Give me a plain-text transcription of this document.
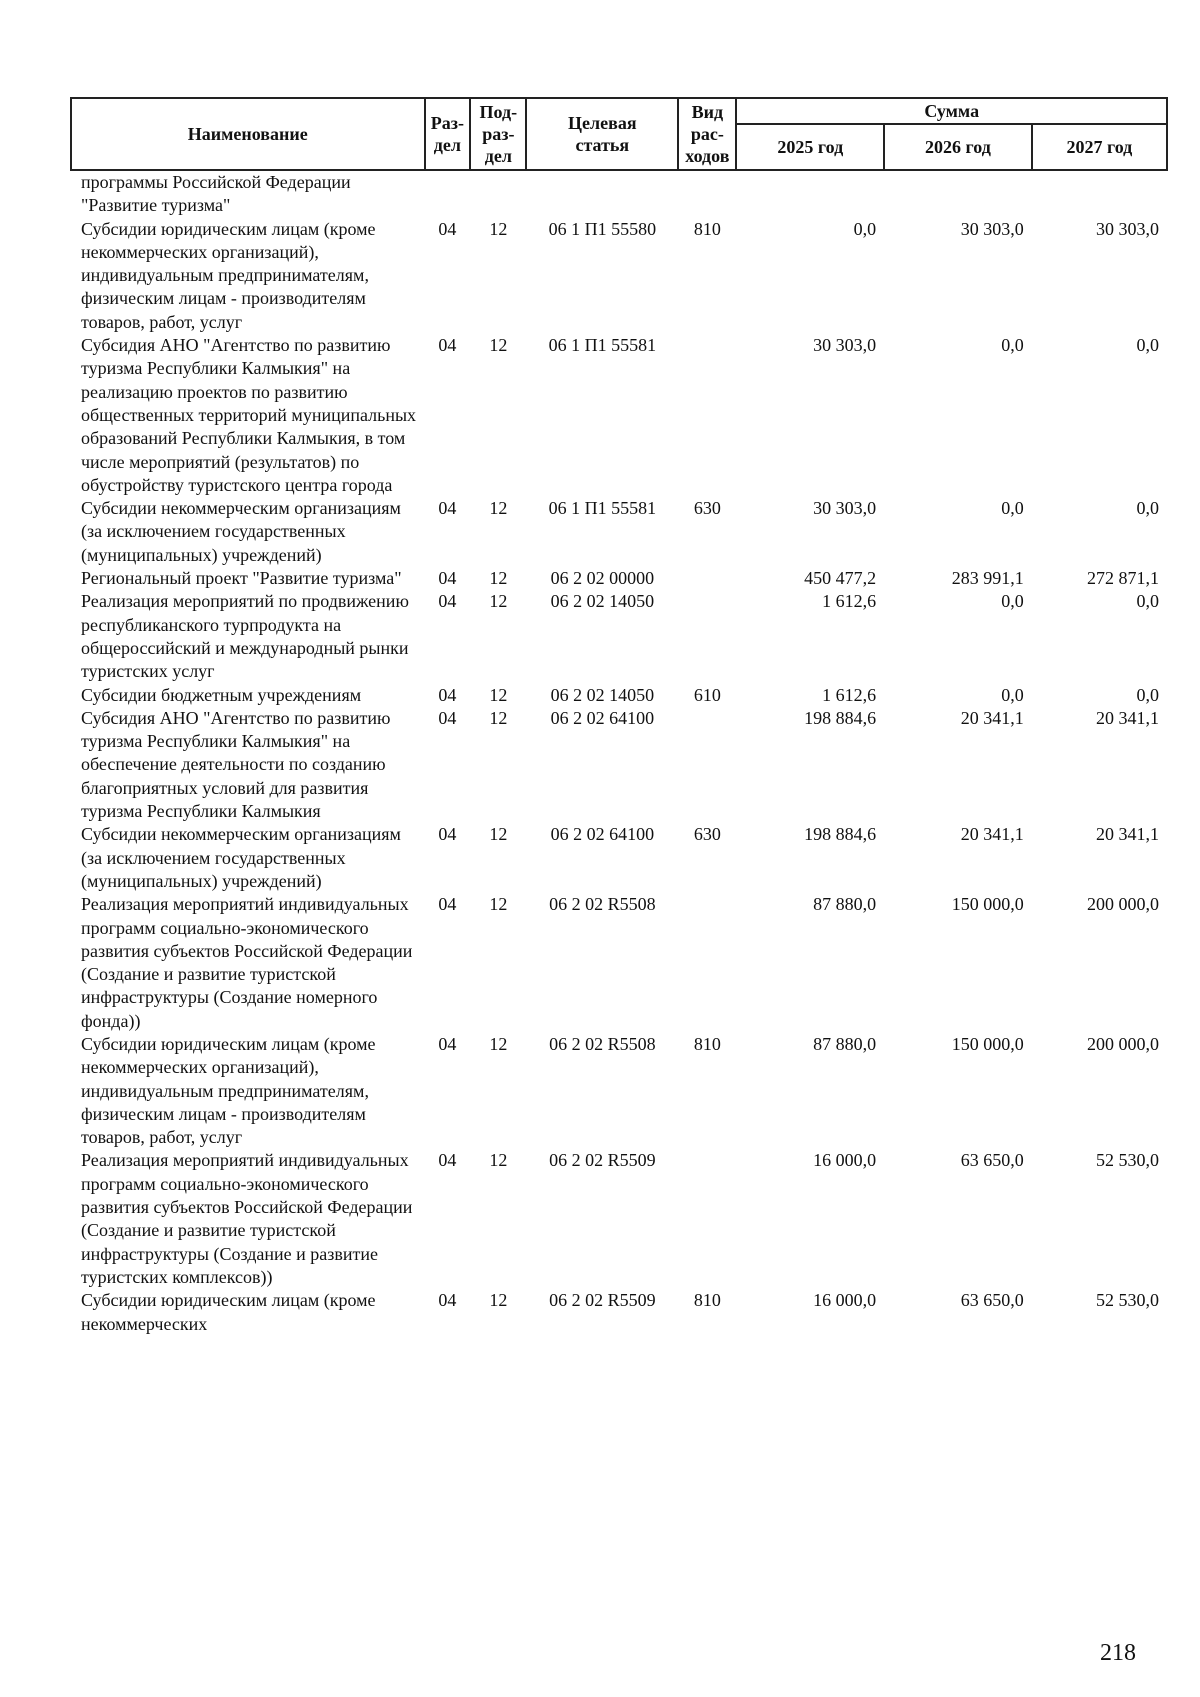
Наименование	Раз-
дел	Под-
раз-
дел	Целевая
статья	Вид
рас-
ходов	Сумма		
					2025 год	2026 год	2027 год
программы Российской Федерации "Развитие туризма"							
Субсидии юридическим лицам (кроме некоммерческих организаций), индивидуальным предпринимателям, физическим лицам - производителям товаров, работ, услуг	04	12	06 1 П1 55580	810	0,0	30 303,0	30 303,0
Субсидия АНО "Агентство по развитию туризма Республики Калмыкия" на реализацию проектов по развитию общественных территорий муниципальных образований Республики Калмыкия, в том числе мероприятий (результатов) по обустройству туристского центра города	04	12	06 1 П1 55581		30 303,0	0,0	0,0
Субсидии некоммерческим организациям (за исключением государственных (муниципальных) учреждений)	04	12	06 1 П1 55581	630	30 303,0	0,0	0,0
Региональный проект "Развитие туризма"	04	12	06 2 02 00000		450 477,2	283 991,1	272 871,1
Реализация мероприятий по продвижению республиканского турпродукта на общероссийский и международный рынки туристских услуг	04	12	06 2 02 14050		1 612,6	0,0	0,0
Субсидии бюджетным учреждениям	04	12	06 2 02 14050	610	1 612,6	0,0	0,0
Субсидия АНО "Агентство по развитию туризма Республики Калмыкия" на обеспечение деятельности по созданию благоприятных условий для развития туризма Республики Калмыкия	04	12	06 2 02 64100		198 884,6	20 341,1	20 341,1
Субсидии некоммерческим организациям (за исключением государственных (муниципальных) учреждений)	04	12	06 2 02 64100	630	198 884,6	20 341,1	20 341,1
Реализация мероприятий индивидуальных программ социально-экономического развития субъектов Российской Федерации (Создание и развитие туристской инфраструктуры (Создание номерного фонда))	04	12	06 2 02 R5508		87 880,0	150 000,0	200 000,0
Субсидии юридическим лицам (кроме некоммерческих организаций), индивидуальным предпринимателям, физическим лицам - производителям товаров, работ, услуг	04	12	06 2 02 R5508	810	87 880,0	150 000,0	200 000,0
Реализация мероприятий индивидуальных программ социально-экономического развития субъектов Российской Федерации (Создание и развитие туристской инфраструктуры (Создание и развитие туристских комплексов))	04	12	06 2 02 R5509		16 000,0	63 650,0	52 530,0
Субсидии юридическим лицам (кроме некоммерческих	04	12	06 2 02 R5509	810	16 000,0	63 650,0	52 530,0
218
